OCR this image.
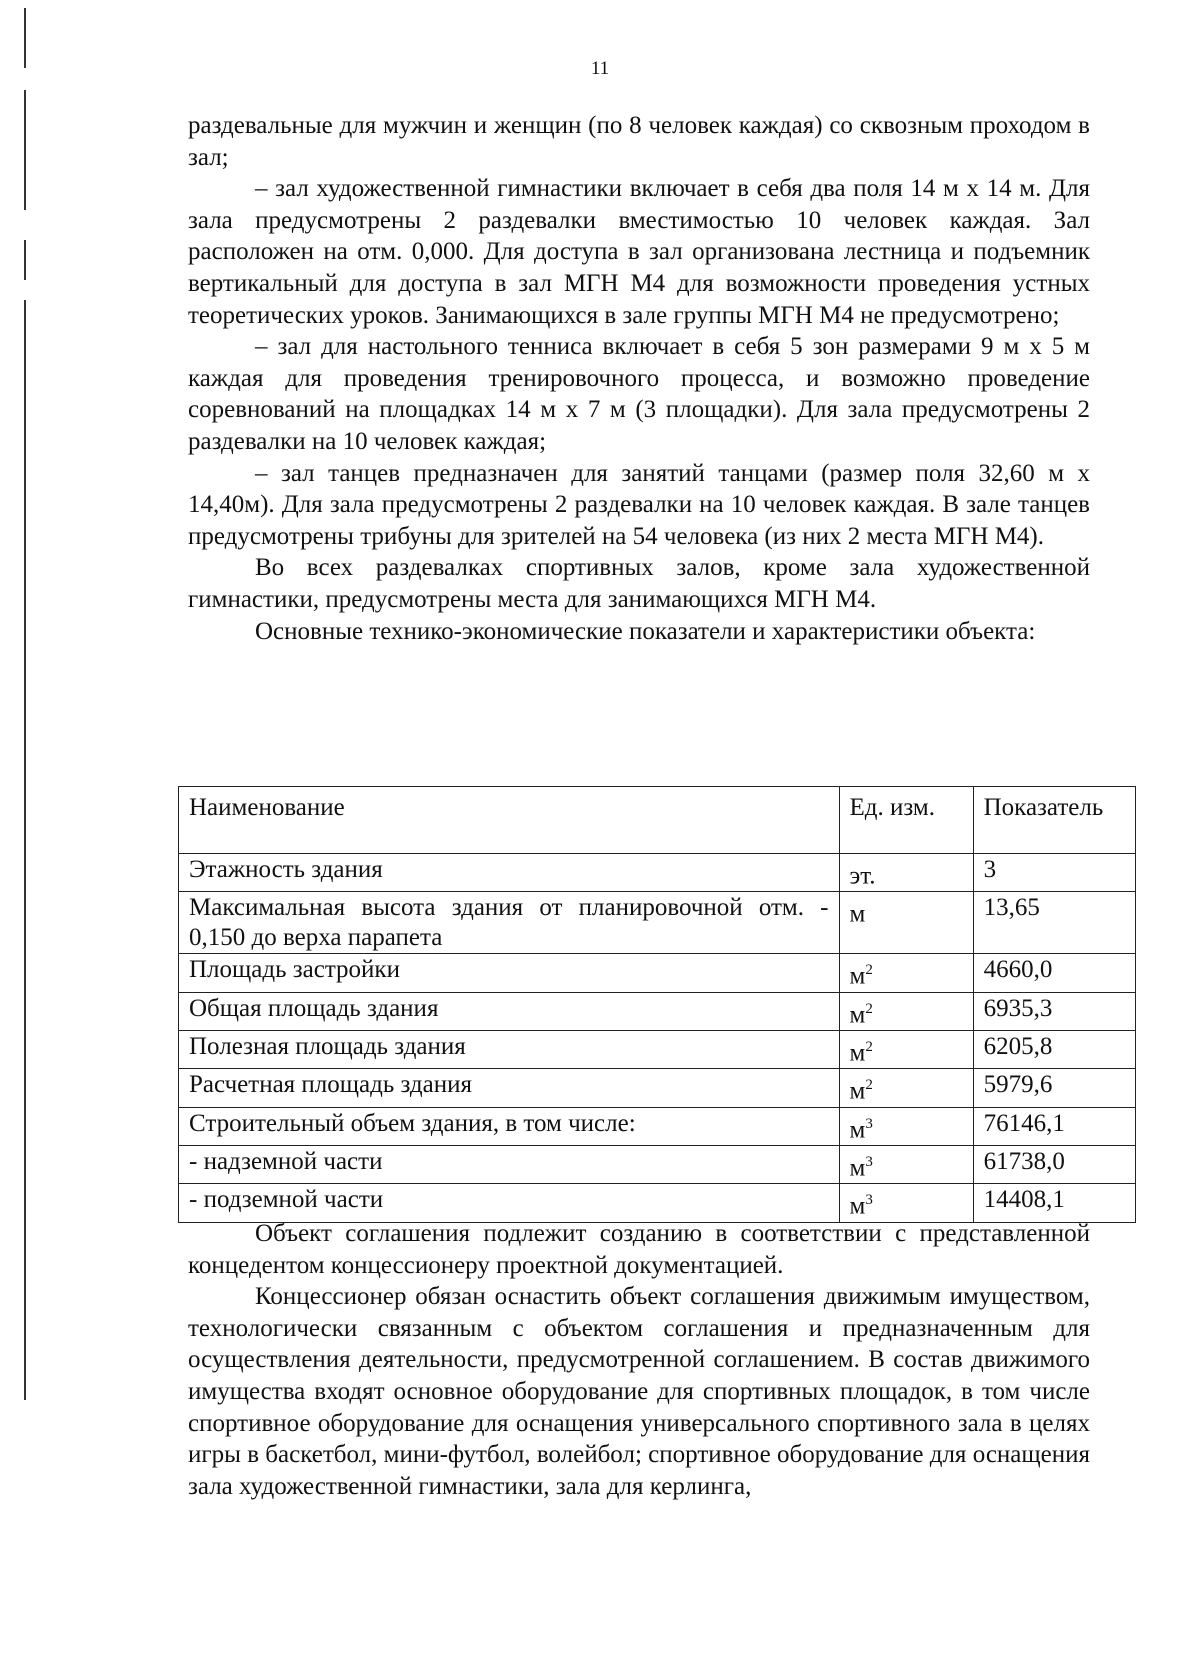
11

раздевальные для мужчин и женщин (по 8 человек каждая) со сквозным проходом в зал;

– зал художественной гимнастики включает в себя два поля 14 м х 14 м. Для зала предусмотрены 2 раздевалки вместимостью 10 человек каждая. Зал расположен на отм. 0,000. Для доступа в зал организована лестница и подъемник вертикальный для доступа в зал МГН М4 для возможности проведения устных теоретических уроков. Занимающихся в зале группы МГН М4 не предусмотрено;

– зал для настольного тенниса включает в себя 5 зон размерами 9 м х 5 м каждая для проведения тренировочного процесса, и возможно проведение соревнований на площадках 14 м х 7 м (3 площадки). Для зала предусмотрены 2 раздевалки на 10 человек каждая;

– зал танцев предназначен для занятий танцами (размер поля 32,60 м х 14,40м). Для зала предусмотрены 2 раздевалки на 10 человек каждая. В зале танцев предусмотрены трибуны для зрителей на 54 человека (из них 2 места МГН М4).

Во всех раздевалках спортивных залов, кроме зала художественной гимнастики, предусмотрены места для занимающихся МГН М4.

Основные технико-экономические показатели и характеристики объекта:

Наименование	Ед. изм.	Показатель
Этажность здания	эт.	3
Максимальная высота здания от планировочной отм. - 0,150 до верха парапета	м	13,65
Площадь застройки	$м^2$	4660,0
Общая площадь здания	$м^2$	6935,3
Полезная площадь здания	$м^2$	6205,8
Расчетная площадь здания	$м^2$	5979,6
Строительный объем здания, в том числе:	$м^3$	76146,1
- надземной части	$м^3$	61738,0
- подземной части	$м^3$	14408,1

Объект соглашения подлежит созданию в соответствии с представленной концедентом концессионеру проектной документацией.

Концессионер обязан оснастить объект соглашения движимым имуществом, технологически связанным с объектом соглашения и предназначенным для осуществления деятельности, предусмотренной соглашением. В состав движимого имущества входят основное оборудование для спортивных площадок, в том числе спортивное оборудование для оснащения универсального спортивного зала в целях игры в баскетбол, мини-футбол, волейбол; спортивное оборудование для оснащения зала художественной гимнастики, зала для керлинга,
